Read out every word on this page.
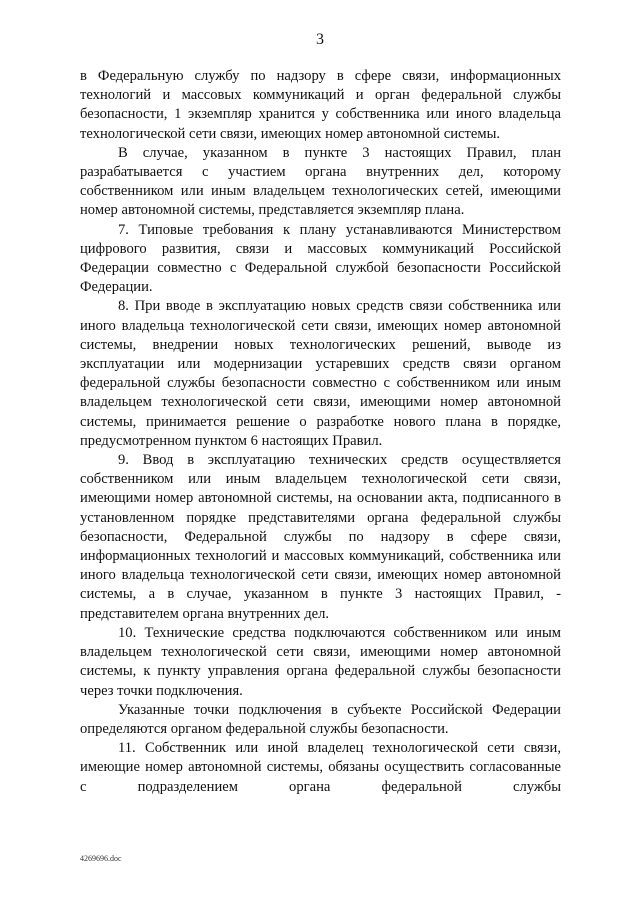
3

в Федеральную службу по надзору в сфере связи, информационных технологий и массовых коммуникаций и орган федеральной службы безопасности, 1 экземпляр хранится у собственника или иного владельца технологической сети связи, имеющих номер автономной системы.

В случае, указанном в пункте 3 настоящих Правил, план разрабатывается с участием органа внутренних дел, которому собственником или иным владельцем технологических сетей, имеющими номер автономной системы, представляется экземпляр плана.

7. Типовые требования к плану устанавливаются Министерством цифрового развития, связи и массовых коммуникаций Российской Федерации совместно с Федеральной службой безопасности Российской Федерации.

8. При вводе в эксплуатацию новых средств связи собственника или иного владельца технологической сети связи, имеющих номер автономной системы, внедрении новых технологических решений, выводе из эксплуатации или модернизации устаревших средств связи органом федеральной службы безопасности совместно с собственником или иным владельцем технологической сети связи, имеющими номер автономной системы, принимается решение о разработке нового плана в порядке, предусмотренном пунктом 6 настоящих Правил.

9. Ввод в эксплуатацию технических средств осуществляется собственником или иным владельцем технологической сети связи, имеющими номер автономной системы, на основании акта, подписанного в установленном порядке представителями органа федеральной службы безопасности, Федеральной службы по надзору в сфере связи, информационных технологий и массовых коммуникаций, собственника или иного владельца технологической сети связи, имеющих номер автономной системы, а в случае, указанном в пункте 3 настоящих Правил, - представителем органа внутренних дел.

10. Технические средства подключаются собственником или иным владельцем технологической сети связи, имеющими номер автономной системы, к пункту управления органа федеральной службы безопасности через точки подключения.

Указанные точки подключения в субъекте Российской Федерации определяются органом федеральной службы безопасности.

11. Собственник или иной владелец технологической сети связи, имеющие номер автономной системы, обязаны осуществить согласованные с подразделением органа федеральной службы

4269696.doc
